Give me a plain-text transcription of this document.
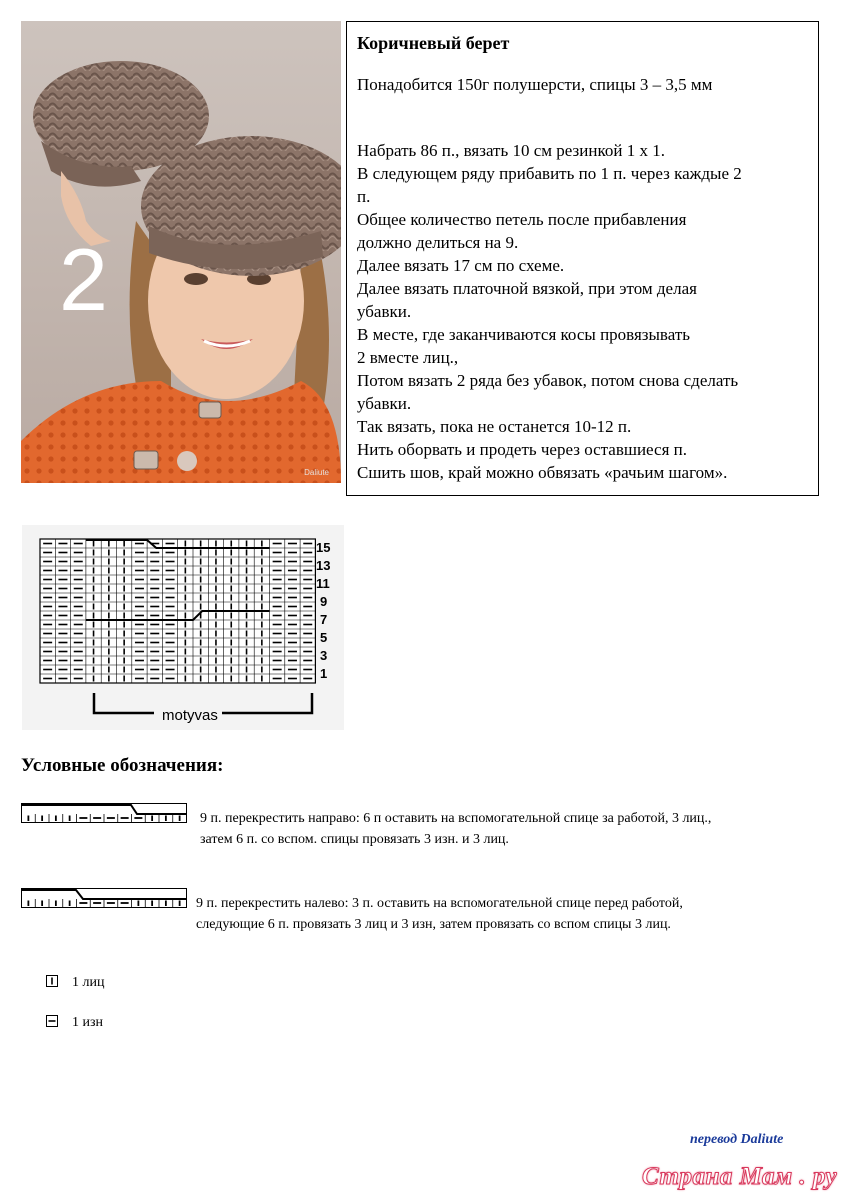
2
Daliute
Коричневый берет
Понадобится 150г полушерсти, спицы 3 – 3,5 мм
Набрать 86 п., вязать 10 см резинкой 1 х 1.
В следующем ряду прибавить по 1 п. через каждые 2
п.
Общее количество петель после прибавления
должно делиться на 9.
Далее вязать 17 см по схеме.
Далее вязать платочной вязкой, при этом делая
убавки.
В месте, где заканчиваются косы провязывать
2 вместе лиц.,
Потом вязать 2 ряда без убавок, потом снова сделать
убавки.
Так вязать, пока не останется 10-12 п.
Нить оборвать и продеть через оставшиеся п.
Сшить шов, край можно обвязать «рачьим шагом».
15
13
11
9
7
5
3
1
motyvas
Условные обозначения:
9 п. перекрестить направо: 6 п оставить на вспомогательной спице за работой, 3 лиц.,
затем 6 п. со вспом. спицы провязать 3 изн. и 3 лиц.
9 п. перекрестить налево: 3 п. оставить на вспомогательной спице перед работой,
следующие 6 п. провязать 3 лиц и 3 изн, затем провязать со вспом спицы 3 лиц.
1 лиц
1 изн
перевод Daliute
Страна Мам . ру
